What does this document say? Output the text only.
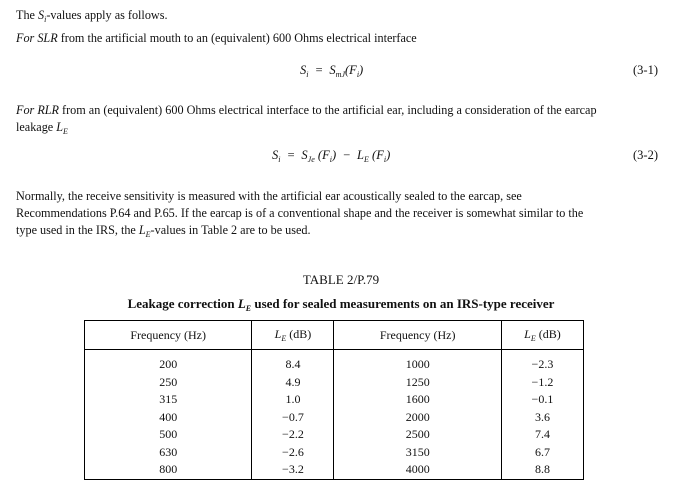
The $S_i$-values apply as follows.
For SLR from the artificial mouth to an (equivalent) 600 Ohms electrical interface
$S_i = S_{mJ}(F_i)$	(3-1)
For RLR from an (equivalent) 600 Ohms electrical interface to the artificial ear, including a consideration of the earcap
leakage $L_E$
$S_i = S_{Je}$ $(F_i) - L_E$ $(F_i)$	(3-2)
Normally, the receive sensitivity is measured with the artificial ear acoustically sealed to the earcap, see
Recommendations P.64 and P.65. If the earcap is of a conventional shape and the receiver is somewhat similar to the
type used in the IRS, the $L_E$-values in Table 2 are to be used.
TABLE 2/P.79
Leakage correction $L_E$ used for sealed measurements on an IRS-type receiver
Frequency (Hz)	$L_E$ (dB)	Frequency (Hz)	$L_E$ (dB)
200	8.4	1000	−2.3
250	4.9	1250	−1.2
315	1.0	1600	−0.1
400	−0.7	2000	3.6
500	−2.2	2500	7.4
630	−2.6	3150	6.7
800	−3.2	4000	8.8
